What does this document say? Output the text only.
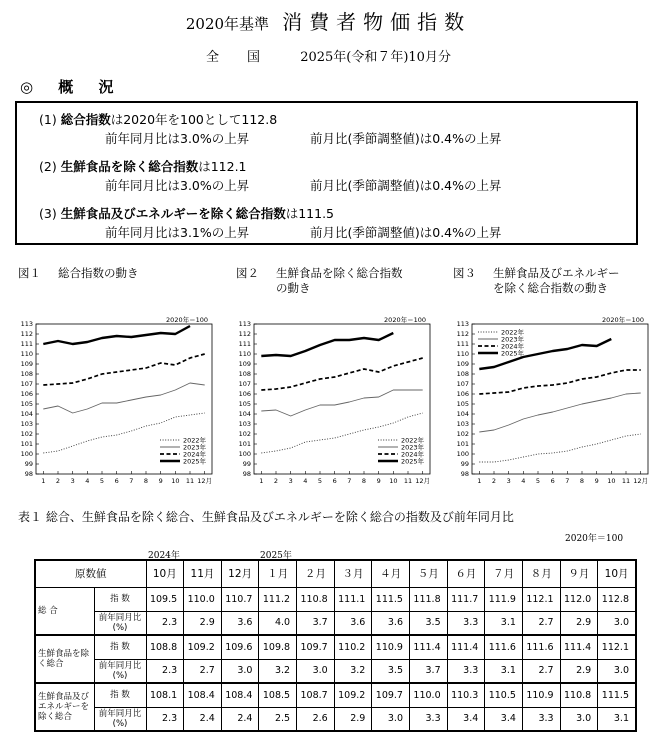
2020年基準 消費者物価指数
全国 2025年(令和７年)10月分
◎ 概 況
(1) 総合指数は2020年を100として112.8
前年同月比は3.0%の上昇	前月比(季節調整値)は0.4%の上昇
(2) 生鮮食品を除く総合指数は112.1
前年同月比は3.0%の上昇	前月比(季節調整値)は0.4%の上昇
(3) 生鮮食品及びエネルギーを除く総合指数は111.5
前年同月比は3.1%の上昇	前月比(季節調整値)は0.4%の上昇
図１ 総合指数の動き	図２ 生鮮食品を除く総合指数
の動き
図３ 生鮮食品及びエネルギー
を除く総合指数の動き
2020年＝100
98
99
100
101
102
103
104
105
106
107
108
109
110
111
112
113
1 2 3 4 5 6 7 8 9 10 11 12月
2022年
2023年
2024年
2025年
2020年＝100
98
99
100
101
102
103
104
105
106
107
108
109
110
111
112
113
1 2 3 4 5 6 7 8 9 10 11 12月
2022年
2023年
2024年
2025年
2020年＝100
98
99
100
101
102
103
104
105
106
107
108
109
110
111
112
113
1 2 3 4 5 6 7 8 9 10 11 12月
2022年
2023年
2024年
2025年
表１ 総合、生鮮食品を除く総合、生鮮食品及びエネルギーを除く総合の指数及び前年同月比
2020年＝100
2024年	2025年
原数値		10月	11月	12月	１月	２月	３月	４月	５月	６月	７月	８月	９月	10月
総 合	指 数	109.5	110.0	110.7	111.2	110.8	111.1	111.5	111.8	111.7	111.9	112.1	112.0	112.8
	前年同月比(%)	2.3	2.9	3.6	4.0	3.7	3.6	3.6	3.5	3.3	3.1	2.7	2.9	3.0
生鮮食品を除く総合	指 数	108.8	109.2	109.6	109.8	109.7	110.2	110.9	111.4	111.4	111.6	111.6	111.4	112.1
	前年同月比(%)	2.3	2.7	3.0	3.2	3.0	3.2	3.5	3.7	3.3	3.1	2.7	2.9	3.0
生鮮食品及びエネルギーを除く総合	指 数	108.1	108.4	108.4	108.5	108.7	109.2	109.7	110.0	110.3	110.5	110.9	110.8	111.5
	前年同月比(%)	2.3	2.4	2.4	2.5	2.6	2.9	3.0	3.3	3.4	3.4	3.3	3.0	3.1
